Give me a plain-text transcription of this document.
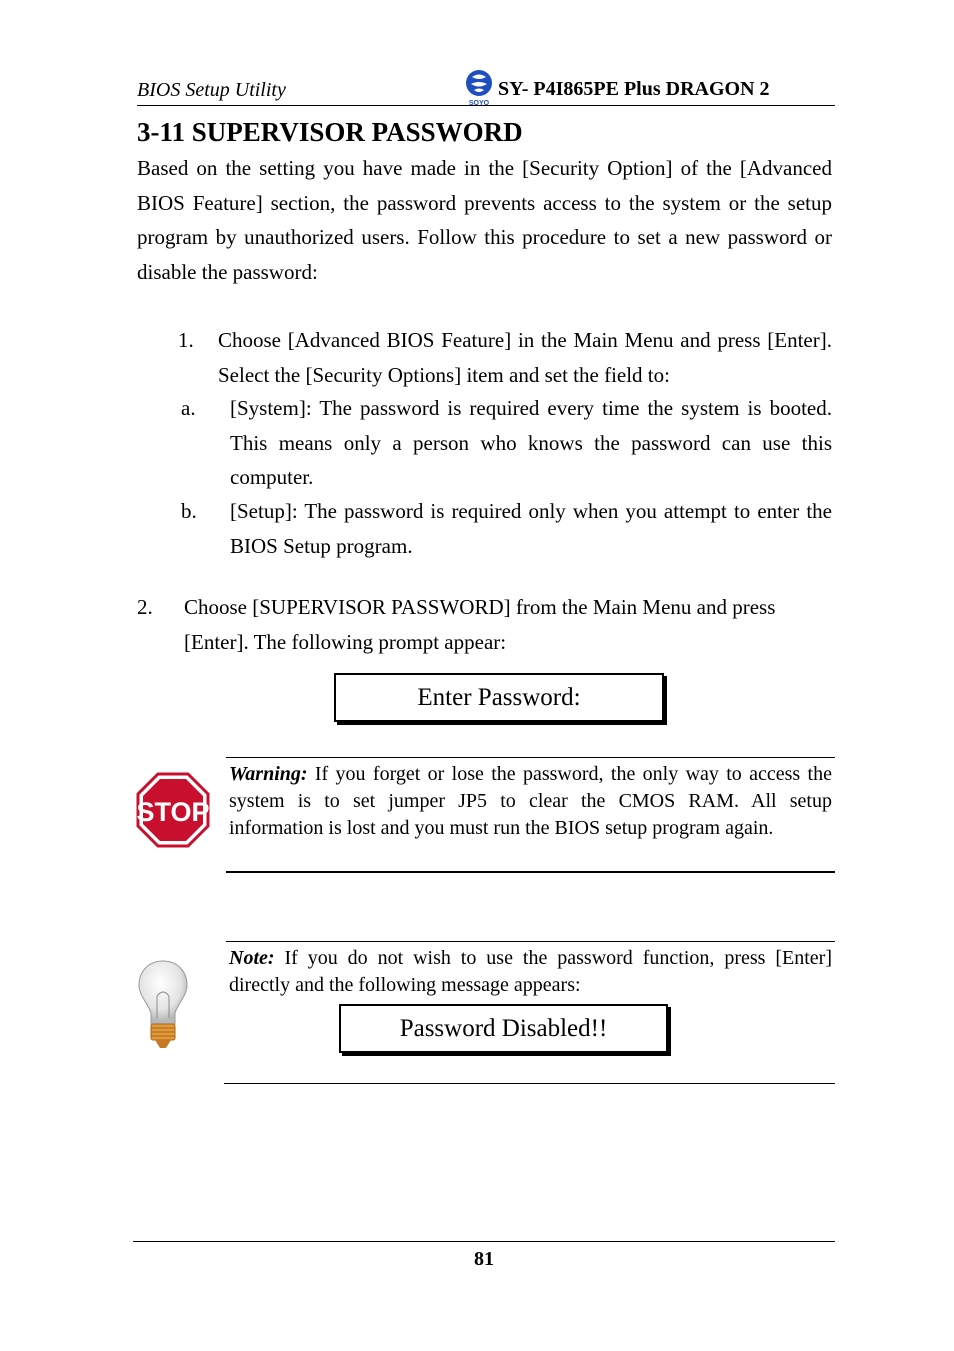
BIOS Setup Utility
SOYO
SY- P4I865PE Plus DRAGON 2
3-11 SUPERVISOR PASSWORD
Based on the setting you have made in the [Security Option] of the [Advanced BIOS Feature] section, the password prevents access to the system or the setup program by unauthorized users. Follow this procedure to set a new password or disable the password:
1. Choose [Advanced BIOS Feature] in the Main Menu and press [Enter]. Select the [Security Options] item and set the field to:
a. [System]: The password is required every time the system is booted. This means only a person who knows the password can use this computer.
b. [Setup]: The password is required only when you attempt to enter the BIOS Setup program.
2. Choose [SUPERVISOR PASSWORD] from the Main Menu and press [Enter]. The following prompt appear:
Enter Password:
STOP
Warning: If you forget or lose the password, the only way to access the system is to set jumper JP5 to clear the CMOS RAM. All setup information is lost and you must run the BIOS setup program again.
Note: If you do not wish to use the password function, press [Enter] directly and the following message appears:
Password Disabled!!
81
